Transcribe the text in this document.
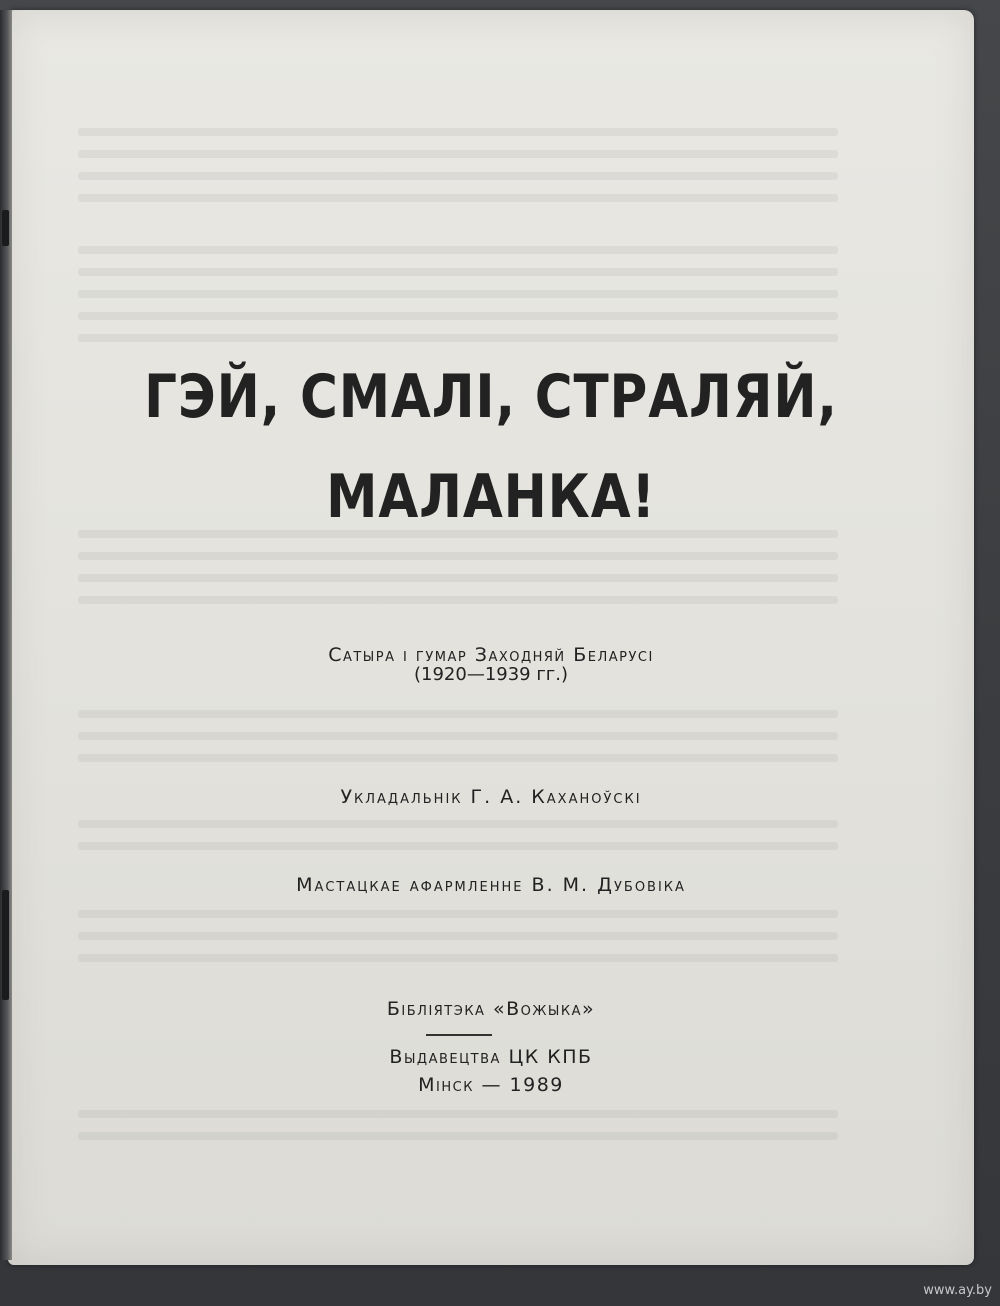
ГЭЙ, СМАЛІ, СТРАЛЯЙ,
МАЛАНКА!
Сатыра і гумар Заходняй Беларусі
(1920—1939 гг.)
Укладальнік Г. А. Каханоўскі
Мастацкае афармленне В. М. Дубовіка
Бібліятэка «Вожыка»
Выдавецтва ЦК КПБ
Мінск — 1989
www.ay.by
